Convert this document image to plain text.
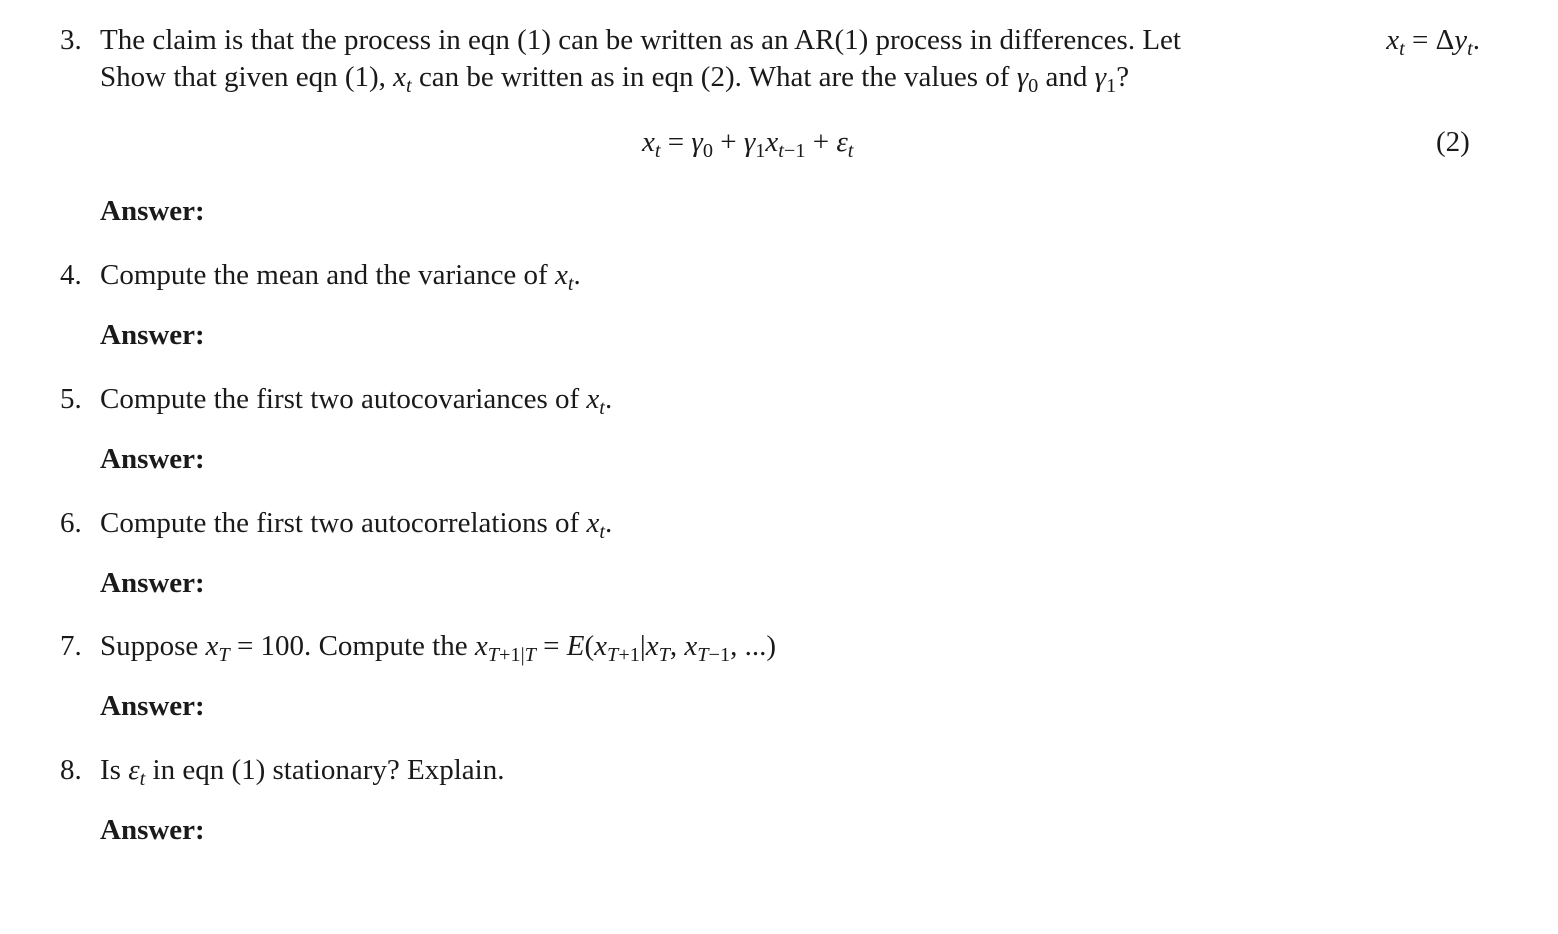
3. The claim is that the process in eqn (1) can be written as an AR(1) process in differences. Let	$x_t = \Delta y_t$.
Show that given eqn (1), $x_t$ can be written as in eqn (2). What are the values of $\gamma_0$ and $\gamma_1$?
$x_t = \gamma_0 + \gamma_1x_{t-1} + \varepsilon_t$	(2)
Answer:
4. Compute the mean and the variance of $x_t$.
Answer:
5. Compute the first two autocovariances of $x_t$.
Answer:
6. Compute the first two autocorrelations of $x_t$.
Answer:
7. Suppose $x_T = 100$. Compute the $x_{T+1|T} = E(x_{T+1}|x_T$, $x_{T-1}$, ...)
Answer:
8. Is $\varepsilon_t$ in eqn (1) stationary? Explain.
Answer:
